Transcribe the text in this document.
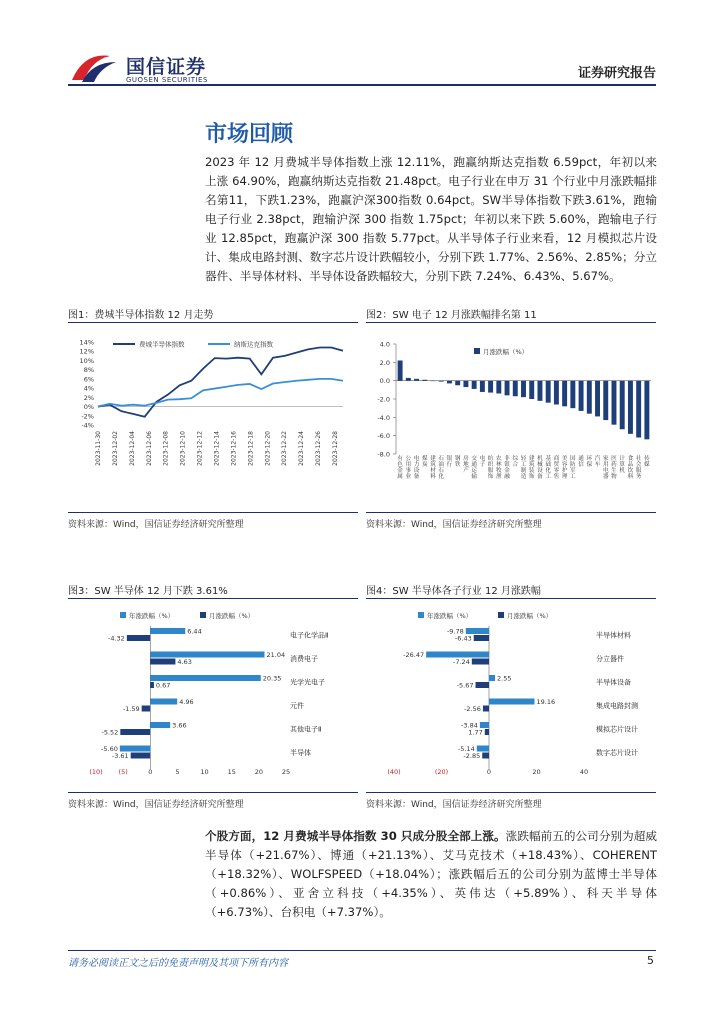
国信证券
GUOSEN SECURITIES	证券研究报告
市场回顾
2023 年 12 月费城半导体指数上涨 12.11%，跑赢纳斯达克指数 6.59pct，年初以来上涨 64.90%，跑赢纳斯达克指数 21.48pct。电子行业在申万 31 个行业中月涨跌幅排名第11，下跌1.23%，跑赢沪深300指数 0.64pct。SW半导体指数下跌3.61%，跑输电子行业 2.38pct，跑输沪深 300 指数 1.75pct；年初以来下跌 5.60%，跑输电子行业 12.85pct，跑赢沪深 300 指数 5.77pct。从半导体子行业来看，12 月模拟芯片设计、集成电路封测、数字芯片设计跌幅较小，分别下跌 1.77%、2.56%、2.85%；分立器件、半导体材料、半导体设备跌幅较大，分别下跌 7.24%、6.43%、5.67%。
图1：费城半导体指数 12 月走势
-4%
-2%
0%
2%
4%
6%
8%
10%
12%
14%
2023-11-30 2023-12-02 2023-12-04 2023-12-06 2023-12-08 2023-12-10 2023-12-12 2023-12-14 2023-12-16 2023-12-18 2023-12-20 2023-12-22 2023-12-24 2023-12-26 2023-12-28
费城半导体指数	纳斯达克指数
资料来源：Wind，国信证券经济研究所整理
图2：SW 电子 12 月涨跌幅排名第 11
4.0
2.0
0.0
-2.0
-4.0
-6.0
-8.0
月涨跌幅（%）
有色金属
公用事业
电力设备
煤炭
建筑材料
石油石化
银行
钢铁
房地产
交通运输
电子
纺织服饰
农林牧渔
非银金融
综合
轻工制造
建筑装饰
机械设备
基础化工
商贸零售
美容护理
国防军工
通信
环保
汽车
家用电器
医药生物
计算机
食品饮料
社会服务
传媒
资料来源：Wind，国信证券经济研究所整理
图3：SW 半导体 12 月下跌 3.61%
年涨跌幅（%）	月涨跌幅（%）
6.44
-4.32	电子化学品Ⅱ
21.04
4.63	消费电子
20.35
0.67	光学光电子
4.96
-1.59	元件
3.66
-5.52	其他电子Ⅱ
-5.60
-3.61	半导体
(10) (5)	0	5	10	15	20	25
资料来源：Wind，国信证券经济研究所整理
图4：SW 半导体各子行业 12 月涨跌幅
年涨跌幅（%）	月涨跌幅（%）
-9.78
-6.43	半导体材料
-26.47
-7.24	分立器件
2.55
-5.67	半导体设备
19.16
-2.56	集成电路封测
-3.84
1.77	模拟芯片设计
-5.14
-2.85	数字芯片设计
(40)	(20)	0	20	40
资料来源：Wind，国信证券经济研究所整理
个股方面，12 月费城半导体指数 30 只成分股全部上涨。涨跌幅前五的公司分别为超威半导体（+21.67%）、博通（+21.13%）、艾马克技术（+18.43%）、COHERENT（+18.32%）、WOLFSPEED（+18.04%）；涨跌幅后五的公司分别为蓝博士半导体（+0.86%）、亚舍立科技（+4.35%）、英伟达（+5.89%）、科天半导体（+6.73%）、台积电（+7.37%）。
请务必阅读正文之后的免责声明及其项下所有内容	5
